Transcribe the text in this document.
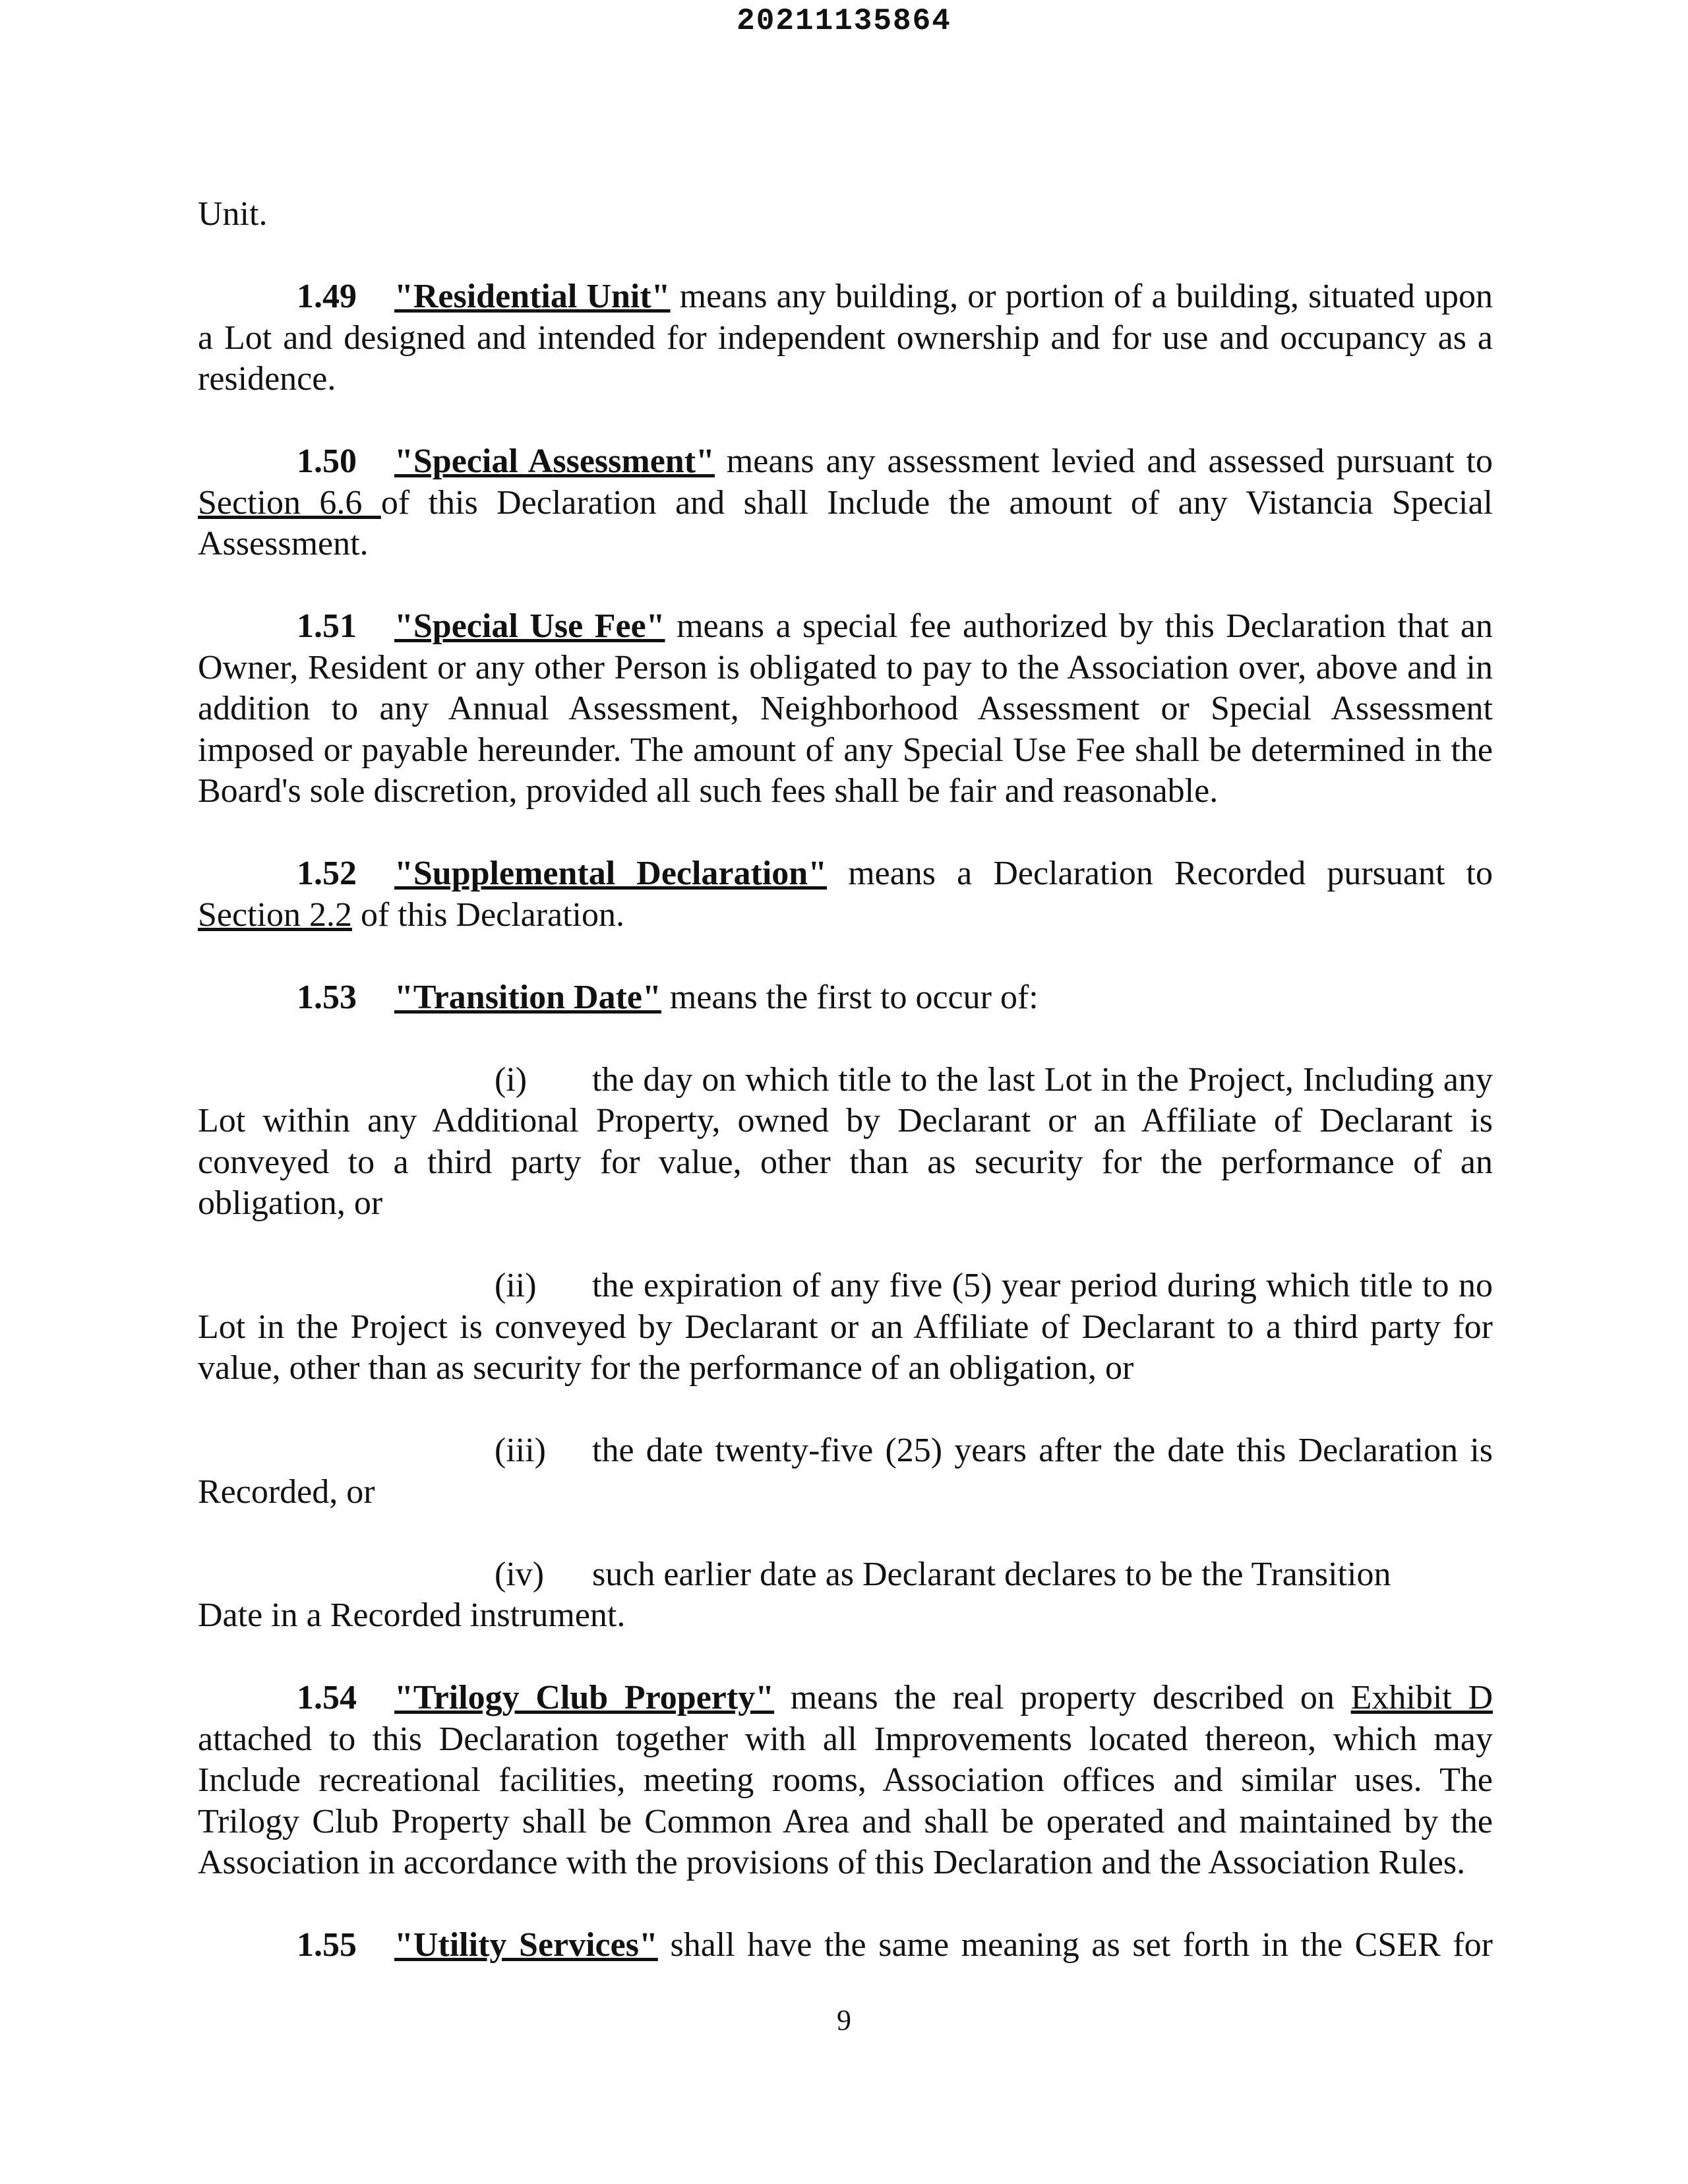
20211135864

Unit.

1.49 "Residential Unit" means any building, or portion of a building, situated upon a Lot and designed and intended for independent ownership and for use and occupancy as a residence.

1.50 "Special Assessment" means any assessment levied and assessed pursuant to Section 6.6 of this Declaration and shall Include the amount of any Vistancia Special Assessment.

1.51 "Special Use Fee" means a special fee authorized by this Declaration that an Owner, Resident or any other Person is obligated to pay to the Association over, above and in addition to any Annual Assessment, Neighborhood Assessment or Special Assessment imposed or payable hereunder. The amount of any Special Use Fee shall be determined in the Board's sole discretion, provided all such fees shall be fair and reasonable.

1.52 "Supplemental Declaration" means a Declaration Recorded pursuant to Section 2.2 of this Declaration.

1.53 "Transition Date" means the first to occur of:

(i) the day on which title to the last Lot in the Project, Including any Lot within any Additional Property, owned by Declarant or an Affiliate of Declarant is conveyed to a third party for value, other than as security for the performance of an obligation, or

(ii) the expiration of any five (5) year period during which title to no Lot in the Project is conveyed by Declarant or an Affiliate of Declarant to a third party for value, other than as security for the performance of an obligation, or

(iii) the date twenty-five (25) years after the date this Declaration is

Recorded, or

(iv) such earlier date as Declarant declares to be the Transition

Date in a Recorded instrument.

1.54 "Trilogy Club Property" means the real property described on Exhibit D attached to this Declaration together with all Improvements located thereon, which may Include recreational facilities, meeting rooms, Association offices and similar uses. The Trilogy Club Property shall be Common Area and shall be operated and maintained by the Association in accordance with the provisions of this Declaration and the Association Rules.

1.55 "Utility Services" shall have the same meaning as set forth in the CSER for

9
